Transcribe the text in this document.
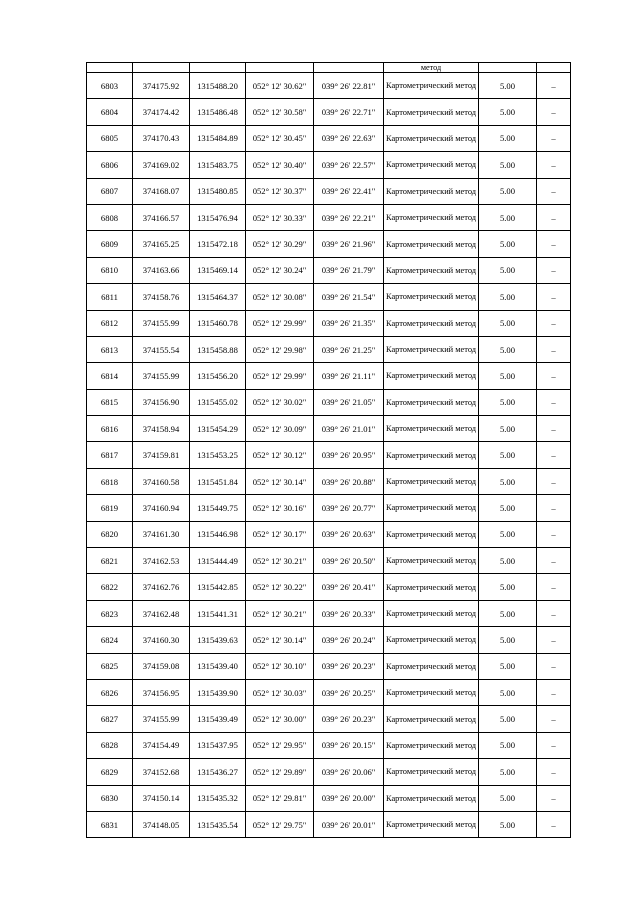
					метод		
6803	374175.92	1315488.20	052° 12' 30.62"	039° 26' 22.81"	Картометрический метод	5.00	–
6804	374174.42	1315486.48	052° 12' 30.58"	039° 26' 22.71"	Картометрический метод	5.00	–
6805	374170.43	1315484.89	052° 12' 30.45"	039° 26' 22.63"	Картометрический метод	5.00	–
6806	374169.02	1315483.75	052° 12' 30.40"	039° 26' 22.57"	Картометрический метод	5.00	–
6807	374168.07	1315480.85	052° 12' 30.37"	039° 26' 22.41"	Картометрический метод	5.00	–
6808	374166.57	1315476.94	052° 12' 30.33"	039° 26' 22.21"	Картометрический метод	5.00	–
6809	374165.25	1315472.18	052° 12' 30.29"	039° 26' 21.96"	Картометрический метод	5.00	–
6810	374163.66	1315469.14	052° 12' 30.24"	039° 26' 21.79"	Картометрический метод	5.00	–
6811	374158.76	1315464.37	052° 12' 30.08"	039° 26' 21.54"	Картометрический метод	5.00	–
6812	374155.99	1315460.78	052° 12' 29.99"	039° 26' 21.35"	Картометрический метод	5.00	–
6813	374155.54	1315458.88	052° 12' 29.98"	039° 26' 21.25"	Картометрический метод	5.00	–
6814	374155.99	1315456.20	052° 12' 29.99"	039° 26' 21.11"	Картометрический метод	5.00	–
6815	374156.90	1315455.02	052° 12' 30.02"	039° 26' 21.05"	Картометрический метод	5.00	–
6816	374158.94	1315454.29	052° 12' 30.09"	039° 26' 21.01"	Картометрический метод	5.00	–
6817	374159.81	1315453.25	052° 12' 30.12"	039° 26' 20.95"	Картометрический метод	5.00	–
6818	374160.58	1315451.84	052° 12' 30.14"	039° 26' 20.88"	Картометрический метод	5.00	–
6819	374160.94	1315449.75	052° 12' 30.16"	039° 26' 20.77"	Картометрический метод	5.00	–
6820	374161.30	1315446.98	052° 12' 30.17"	039° 26' 20.63"	Картометрический метод	5.00	–
6821	374162.53	1315444.49	052° 12' 30.21"	039° 26' 20.50"	Картометрический метод	5.00	–
6822	374162.76	1315442.85	052° 12' 30.22"	039° 26' 20.41"	Картометрический метод	5.00	–
6823	374162.48	1315441.31	052° 12' 30.21"	039° 26' 20.33"	Картометрический метод	5.00	–
6824	374160.30	1315439.63	052° 12' 30.14"	039° 26' 20.24"	Картометрический метод	5.00	–
6825	374159.08	1315439.40	052° 12' 30.10"	039° 26' 20.23"	Картометрический метод	5.00	–
6826	374156.95	1315439.90	052° 12' 30.03"	039° 26' 20.25"	Картометрический метод	5.00	–
6827	374155.99	1315439.49	052° 12' 30.00"	039° 26' 20.23"	Картометрический метод	5.00	–
6828	374154.49	1315437.95	052° 12' 29.95"	039° 26' 20.15"	Картометрический метод	5.00	–
6829	374152.68	1315436.27	052° 12' 29.89"	039° 26' 20.06"	Картометрический метод	5.00	–
6830	374150.14	1315435.32	052° 12' 29.81"	039° 26' 20.00"	Картометрический метод	5.00	–
6831	374148.05	1315435.54	052° 12' 29.75"	039° 26' 20.01"	Картометрический метод	5.00	–
